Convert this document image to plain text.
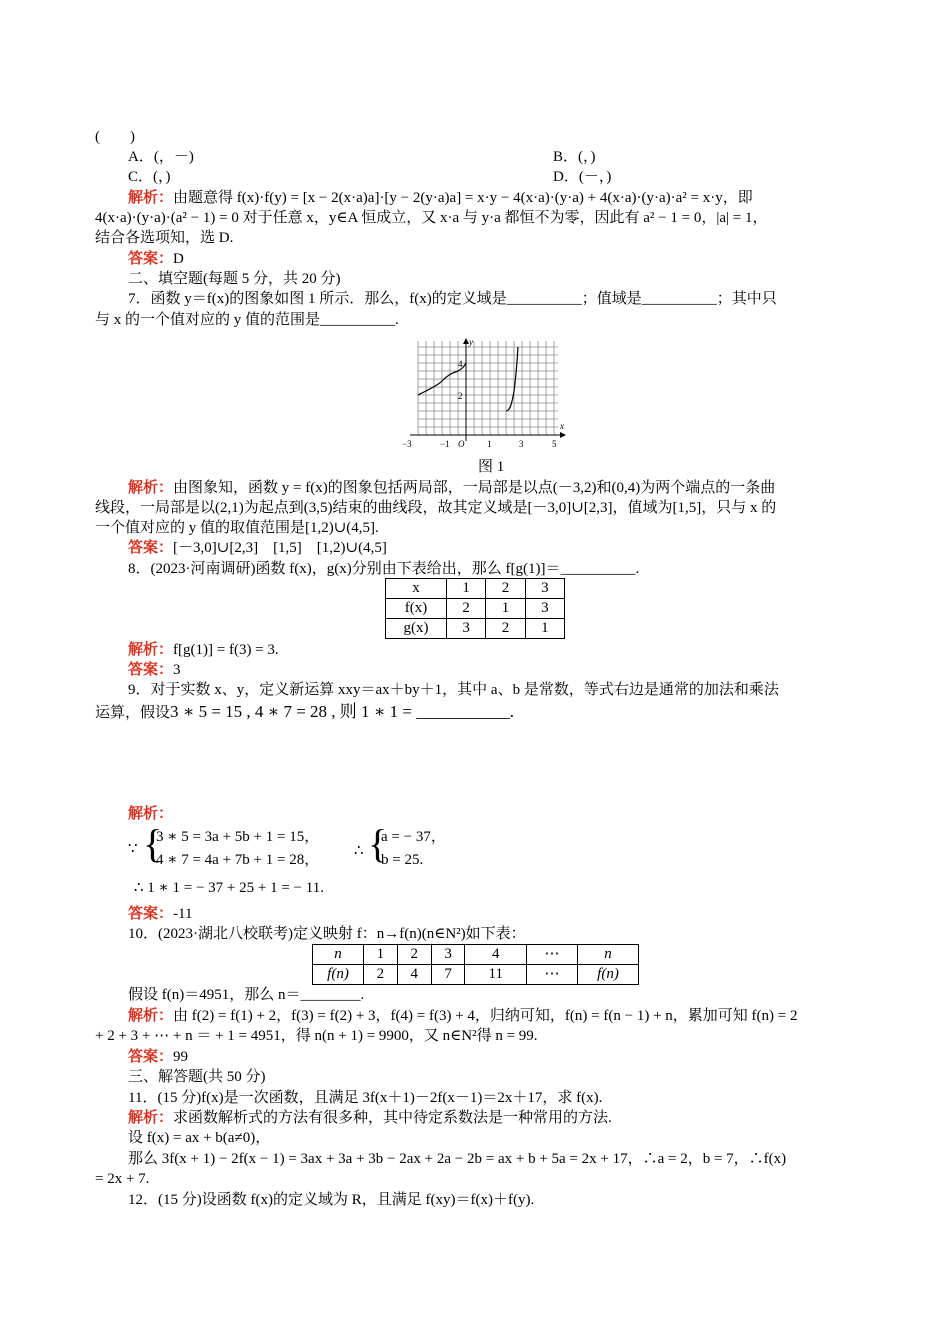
(　　)
A．(，－)	B．(，)
C．(，)	D．(－，)
解析：由题意得 f(x)·f(y) = [x − 2(x·a)a]·[y − 2(y·a)a] = x·y − 4(x·a)·(y·a) + 4(x·a)·(y·a)·a² = x·y，即
4(x·a)·(y·a)·(a² − 1) = 0 对于任意 x，y∈A 恒成立，又 x·a 与 y·a 都恒不为零，因此有 a² − 1 = 0，|a| = 1，
结合各选项知，选 D.
答案：D
二、填空题(每题 5 分，共 20 分)
7．函数 y＝f(x)的图象如图 1 所示．那么，f(x)的定义域是__________；值域是__________；其中只
与 x 的一个值对应的 y 值的范围是__________.
−3	−1 O	1	3	5
2
4
x
y
图 1
解析：由图象知，函数 y = f(x)的图象包括两局部，一局部是以点(－3,2)和(0,4)为两个端点的一条曲
线段，一局部是以(2,1)为起点到(3,5)结束的曲线段，故其定义域是[－3,0]∪[2,3]，值域为[1,5]，只与 x 的
一个值对应的 y 值的取值范围是[1,2)∪(4,5].
答案：[－3,0]∪[2,3]　[1,5]　[1,2)∪(4,5]
8．(2023·河南调研)函数 f(x)，g(x)分别由下表给出，那么 f[g(1)]＝__________.
x	1	2	3
f(x)	2	1	3
g(x)	3	2	1
解析：f[g(1)] = f(3) = 3.
答案：3
9．对于实数 x、y，定义新运算 xxy＝ax＋by＋1，其中 a、b 是常数，等式右边是通常的加法和乘法
运算，假设3 ∗ 5 = 15 , 4 ∗ 7 = 28 , 则 1 ∗ 1 = ___________.
解析：
∵ {
3 ∗ 5 = 3a + 5b + 1 = 15，
4 ∗ 7 = 4a + 7b + 1 = 28，
∴ {
a = − 37，
b = 25.
∴ 1 ∗ 1 = − 37 + 25 + 1 = − 11.
答案：-11
10．(2023·湖北八校联考)定义映射 f：n→f(n)(n∈N²)如下表：
n	1	2	3	4	⋯	n
f(n)	2	4	7	11	⋯	f(n)
假设 f(n)＝4951，那么 n＝________.
解析：由 f(2) = f(1) + 2，f(3) = f(2) + 3，f(4) = f(3) + 4，归纳可知，f(n) = f(n − 1) + n，累加可知 f(n) = 2
+ 2 + 3 + ⋯ + n ＝ + 1 = 4951，得 n(n + 1) = 9900，又 n∈N²得 n = 99.
答案：99
三、解答题(共 50 分)
11．(15 分)f(x)是一次函数，且满足 3f(x＋1)－2f(x－1)＝2x＋17，求 f(x).
解析：求函数解析式的方法有很多种，其中待定系数法是一种常用的方法.
设 f(x) = ax + b(a≠0)，
那么 3f(x + 1) − 2f(x − 1) = 3ax + 3a + 3b − 2ax + 2a − 2b = ax + b + 5a = 2x + 17，∴a = 2，b = 7，∴f(x)
= 2x + 7.
12．(15 分)设函数 f(x)的定义域为 R，且满足 f(xy)＝f(x)＋f(y).
